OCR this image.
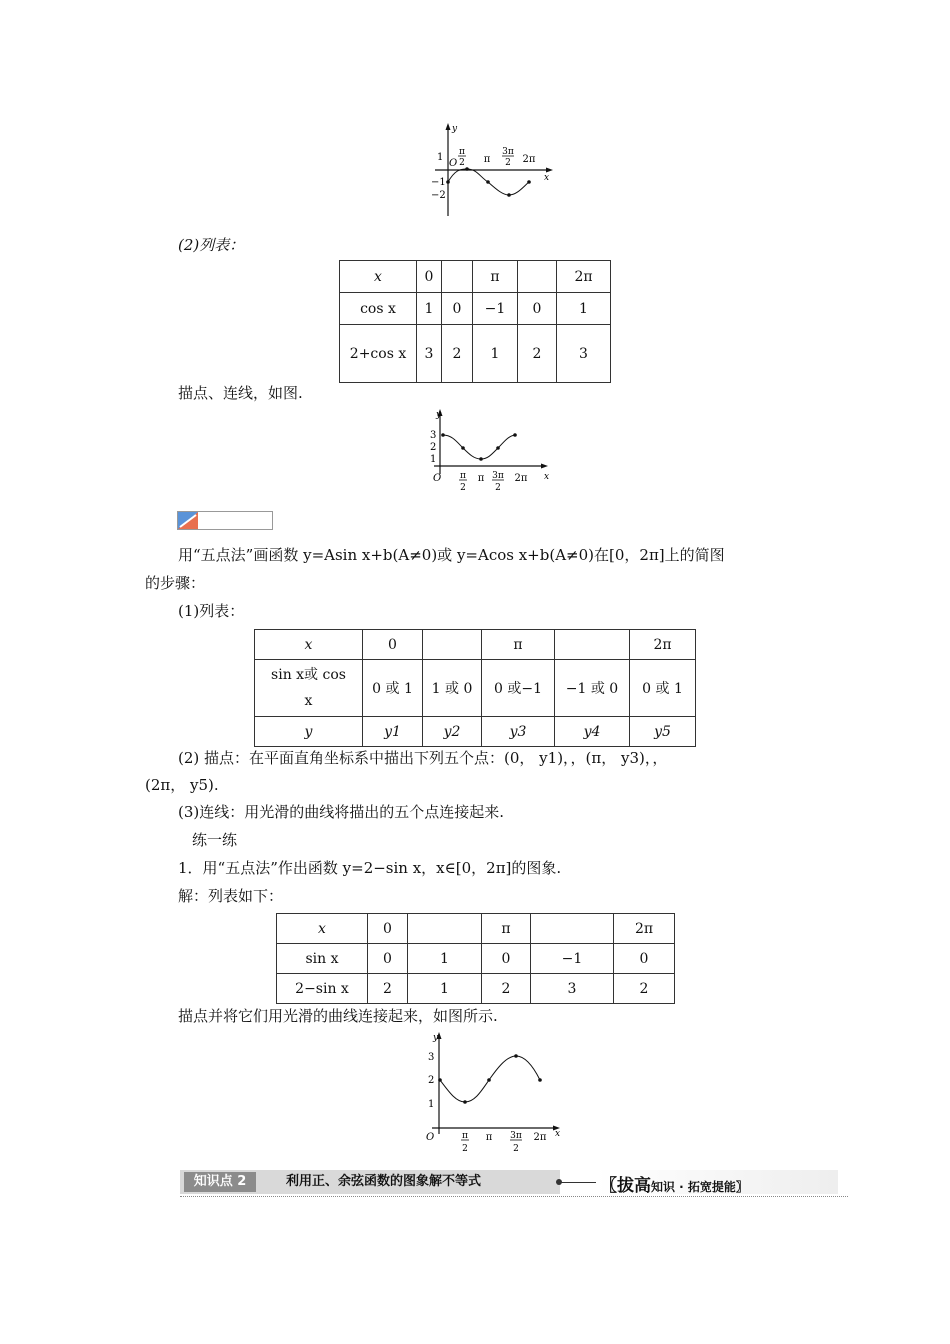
y
x
O
1
−1
−2
π
2 π
3π
2 2π
(2)列表：
x	0		π		2π
cos x	1	0	−1	0	1
2+cos x	3	2	1	2	3
描点、连线，如图.
y
x
O
3
2
1
π
2
π 3π
2
2π
用“五点法”画函数 y=Asin x+b(A≠0)或 y=Acos x+b(A≠0)在[0，2π]上的简图
的步骤：
(1)列表：
x	0		π		2π
sin x或 cos x	0 或 1	1 或 0	0 或−1	−1 或 0	0 或 1
y	y1	y2	y3	y4	y5
(2) 描点：在平面直角坐标系中描出下列五个点：(0， y1)，，(π， y3)，，
(2π， y5).
(3)连线：用光滑的曲线将描出的五个点连接起来.
练一练
1．用“五点法”作出函数 y=2−sin x，x∈[0，2π]的图象.
解：列表如下：
x	0		π		2π
sin x	0	1	0	−1	0
2−sin x	2	1	2	3	2
描点并将它们用光滑的曲线连接起来，如图所示.
y
x
O
3
2
1
π
2
π 3π
2
2π
知识点 2	利用正、余弦函数的图象解不等式	〖拔高知识 · 拓宽提能〗
